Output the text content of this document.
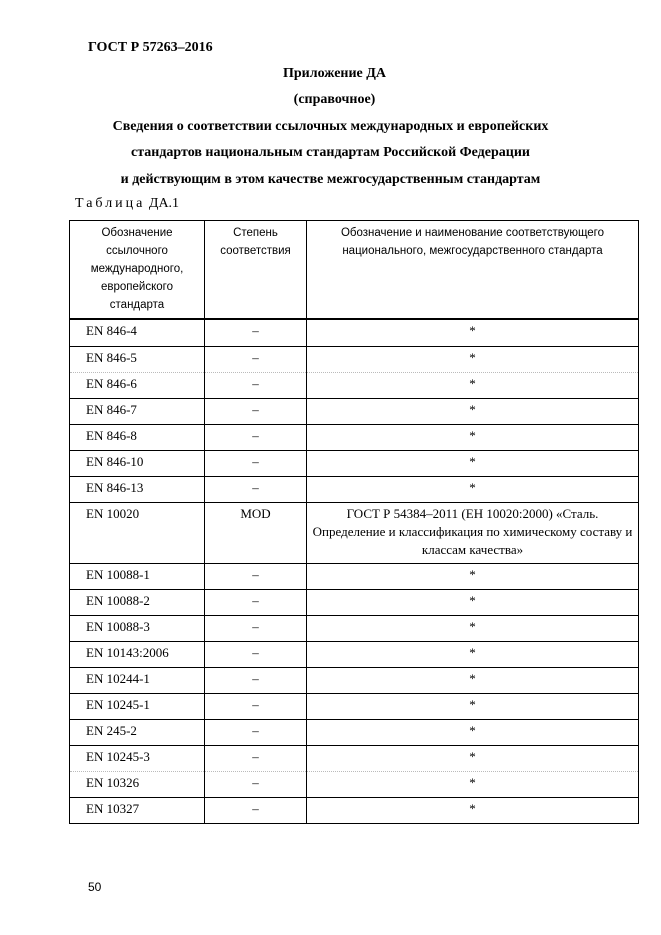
ГОСТ Р 57263–2016
Приложение ДА
(справочное)
Сведения о соответствии ссылочных международных и европейских
стандартов национальным стандартам Российской Федерации
и действующим в этом качестве межгосударственным стандартам
Таблица ДА.1
Обозначение ссылочного международного, европейского стандарта	Степень соответствия	Обозначение и наименование соответствующего национального, межгосударственного стандарта
EN 846-4	–	*
EN 846-5	–	*
EN 846-6	–	*
EN 846-7	–	*
EN 846-8	–	*
EN 846-10	–	*
EN 846-13	–	*
EN 10020	MOD	ГОСТ Р 54384–2011 (ЕН 10020:2000) «Сталь. Определение и классификация по химическому составу и классам качества»
EN 10088-1	–	*
EN 10088-2	–	*
EN 10088-3	–	*
EN 10143:2006	–	*
EN 10244-1	–	*
EN 10245-1	–	*
EN 245-2	–	*
EN 10245-3	–	*
EN 10326	–	*
EN 10327	–	*
50
